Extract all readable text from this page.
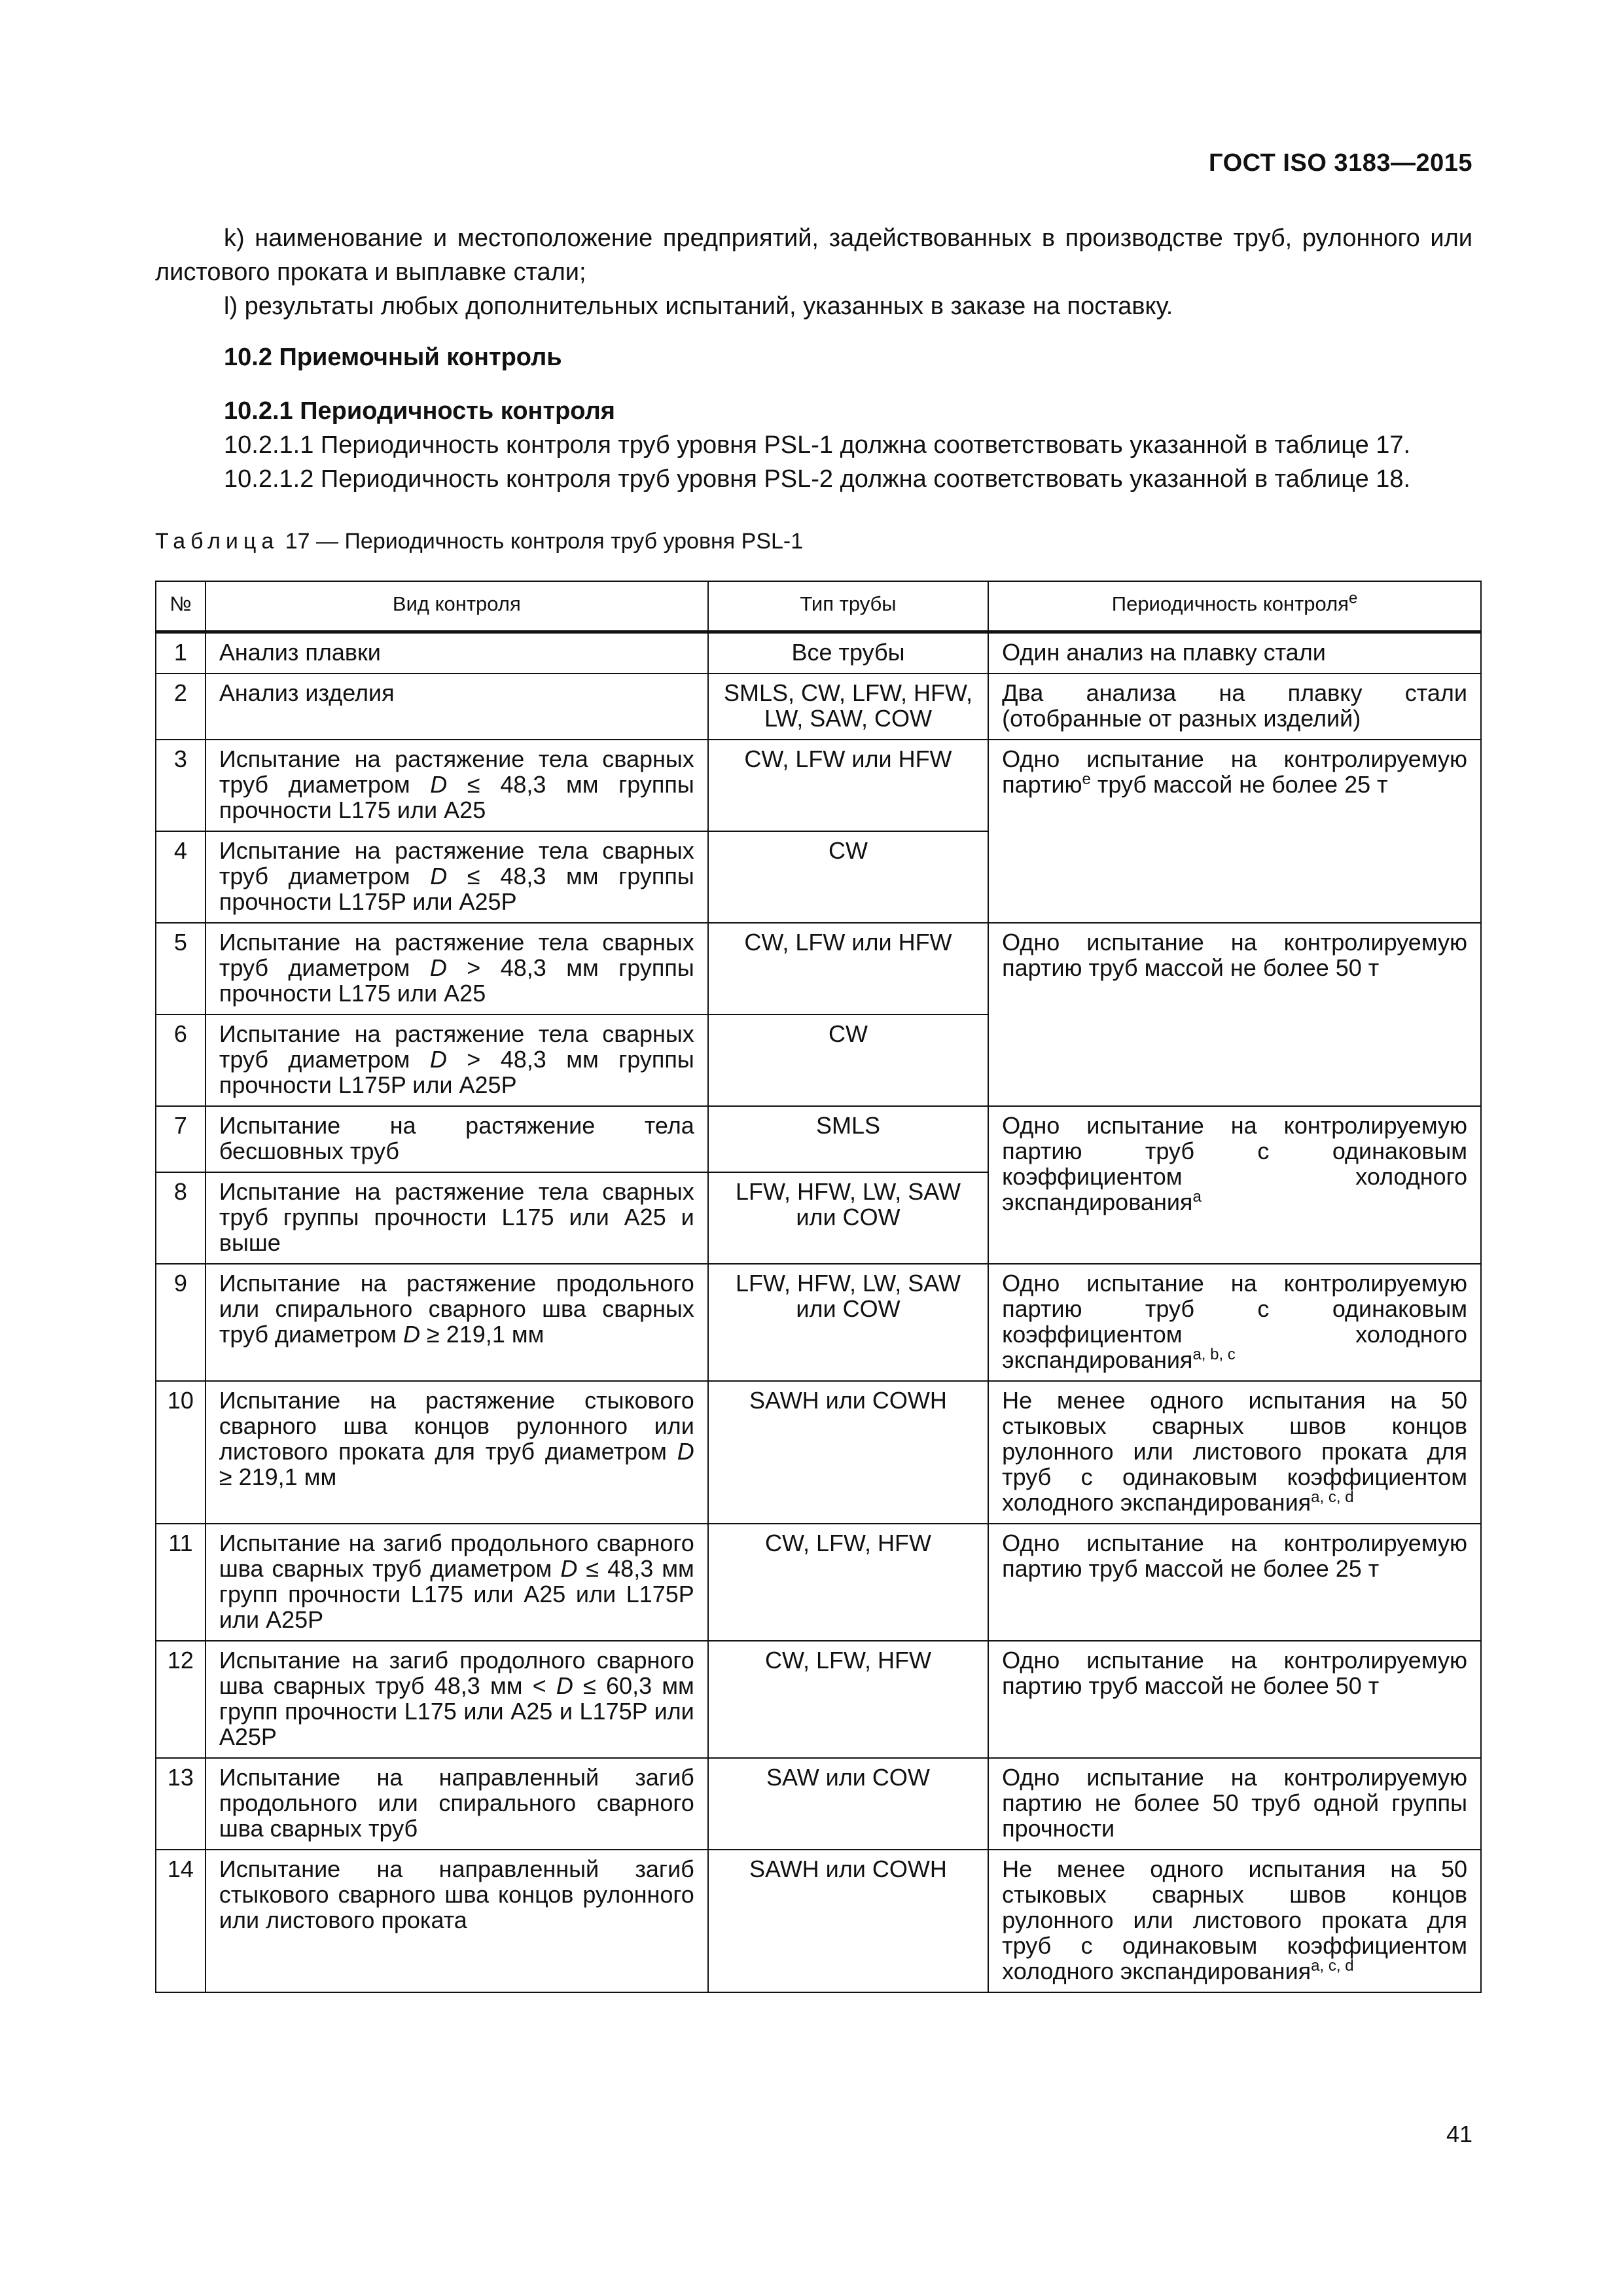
ГОСТ ISO 3183—2015

k) наименование и местоположение предприятий, задействованных в производстве труб, рулонного или листового проката и выплавке стали;

l) результаты любых дополнительных испытаний, указанных в заказе на поставку.

10.2 Приемочный контроль

10.2.1 Периодичность контроля

10.2.1.1 Периодичность контроля труб уровня PSL-1 должна соответствовать указанной в таблице 17.

10.2.1.2 Периодичность контроля труб уровня PSL-2 должна соответствовать указанной в таблице 18.

Таблица 17 — Периодичность контроля труб уровня PSL-1
№	Вид контроля	Тип трубы	Периодичность контроля$^e$
1	Анализ плавки	Все трубы	Один анализ на плавку стали
2	Анализ изделия	SMLS, CW, LFW, HFW, LW, SAW, COW	Два анализа на плавку стали (отобранные от разных изделий)
3	Испытание на растяжение тела сварных труб диаметром D ≤ 48,3 мм группы прочности L175 или A25	CW, LFW или HFW	Одно испытание на контролируемую партию$^e$ труб массой не более 25 т
4	Испытание на растяжение тела сварных труб диаметром D ≤ 48,3 мм группы прочности L175P или A25P	CW	
5	Испытание на растяжение тела сварных труб диаметром D > 48,3 мм группы прочности L175 или A25	CW, LFW или HFW	Одно испытание на контролируемую партию труб массой не более 50 т
6	Испытание на растяжение тела сварных труб диаметром D > 48,3 мм группы прочности L175P или A25P	CW	
7	Испытание на растяжение тела бесшовных труб	SMLS	Одно испытание на контролируемую партию труб с одинаковым коэффициентом холодного экспандирования$^a$
8	Испытание на растяжение тела сварных труб группы прочности L175 или A25 и выше	LFW, HFW, LW, SAW или COW	
9	Испытание на растяжение продольного или спирального сварного шва сварных труб диаметром D ≥ 219,1 мм	LFW, HFW, LW, SAW или COW	Одно испытание на контролируемую партию труб с одинаковым коэффициентом холодного экспандирования$^{a, b, c}$
10	Испытание на растяжение стыкового сварного шва концов рулонного или листового проката для труб диаметром D ≥ 219,1 мм	SAWH или COWH	Не менее одного испытания на 50 стыковых сварных швов концов рулонного или листового проката для труб с одинаковым коэффициентом холодного экспандирования$^{a, c, d}$
11	Испытание на загиб продольного сварного шва сварных труб диаметром D ≤ 48,3 мм групп прочности L175 или A25 или L175P или A25P	CW, LFW, HFW	Одно испытание на контролируемую партию труб массой не более 25 т
12	Испытание на загиб продолного сварного шва сварных труб 48,3 мм < D ≤ 60,3 мм групп прочности L175 или A25 и L175P или A25P	CW, LFW, HFW	Одно испытание на контролируемую партию труб массой не более 50 т
13	Испытание на направленный загиб продольного или спирального сварного шва сварных труб	SAW или COW	Одно испытание на контролируемую партию не более 50 труб одной группы прочности
14	Испытание на направленный загиб стыкового сварного шва концов рулонного или листового проката	SAWH или COWH	Не менее одного испытания на 50 стыковых сварных швов концов рулонного или листового проката для труб с одинаковым коэффициентом холодного экспандирования$^{a, c, d}$
41
